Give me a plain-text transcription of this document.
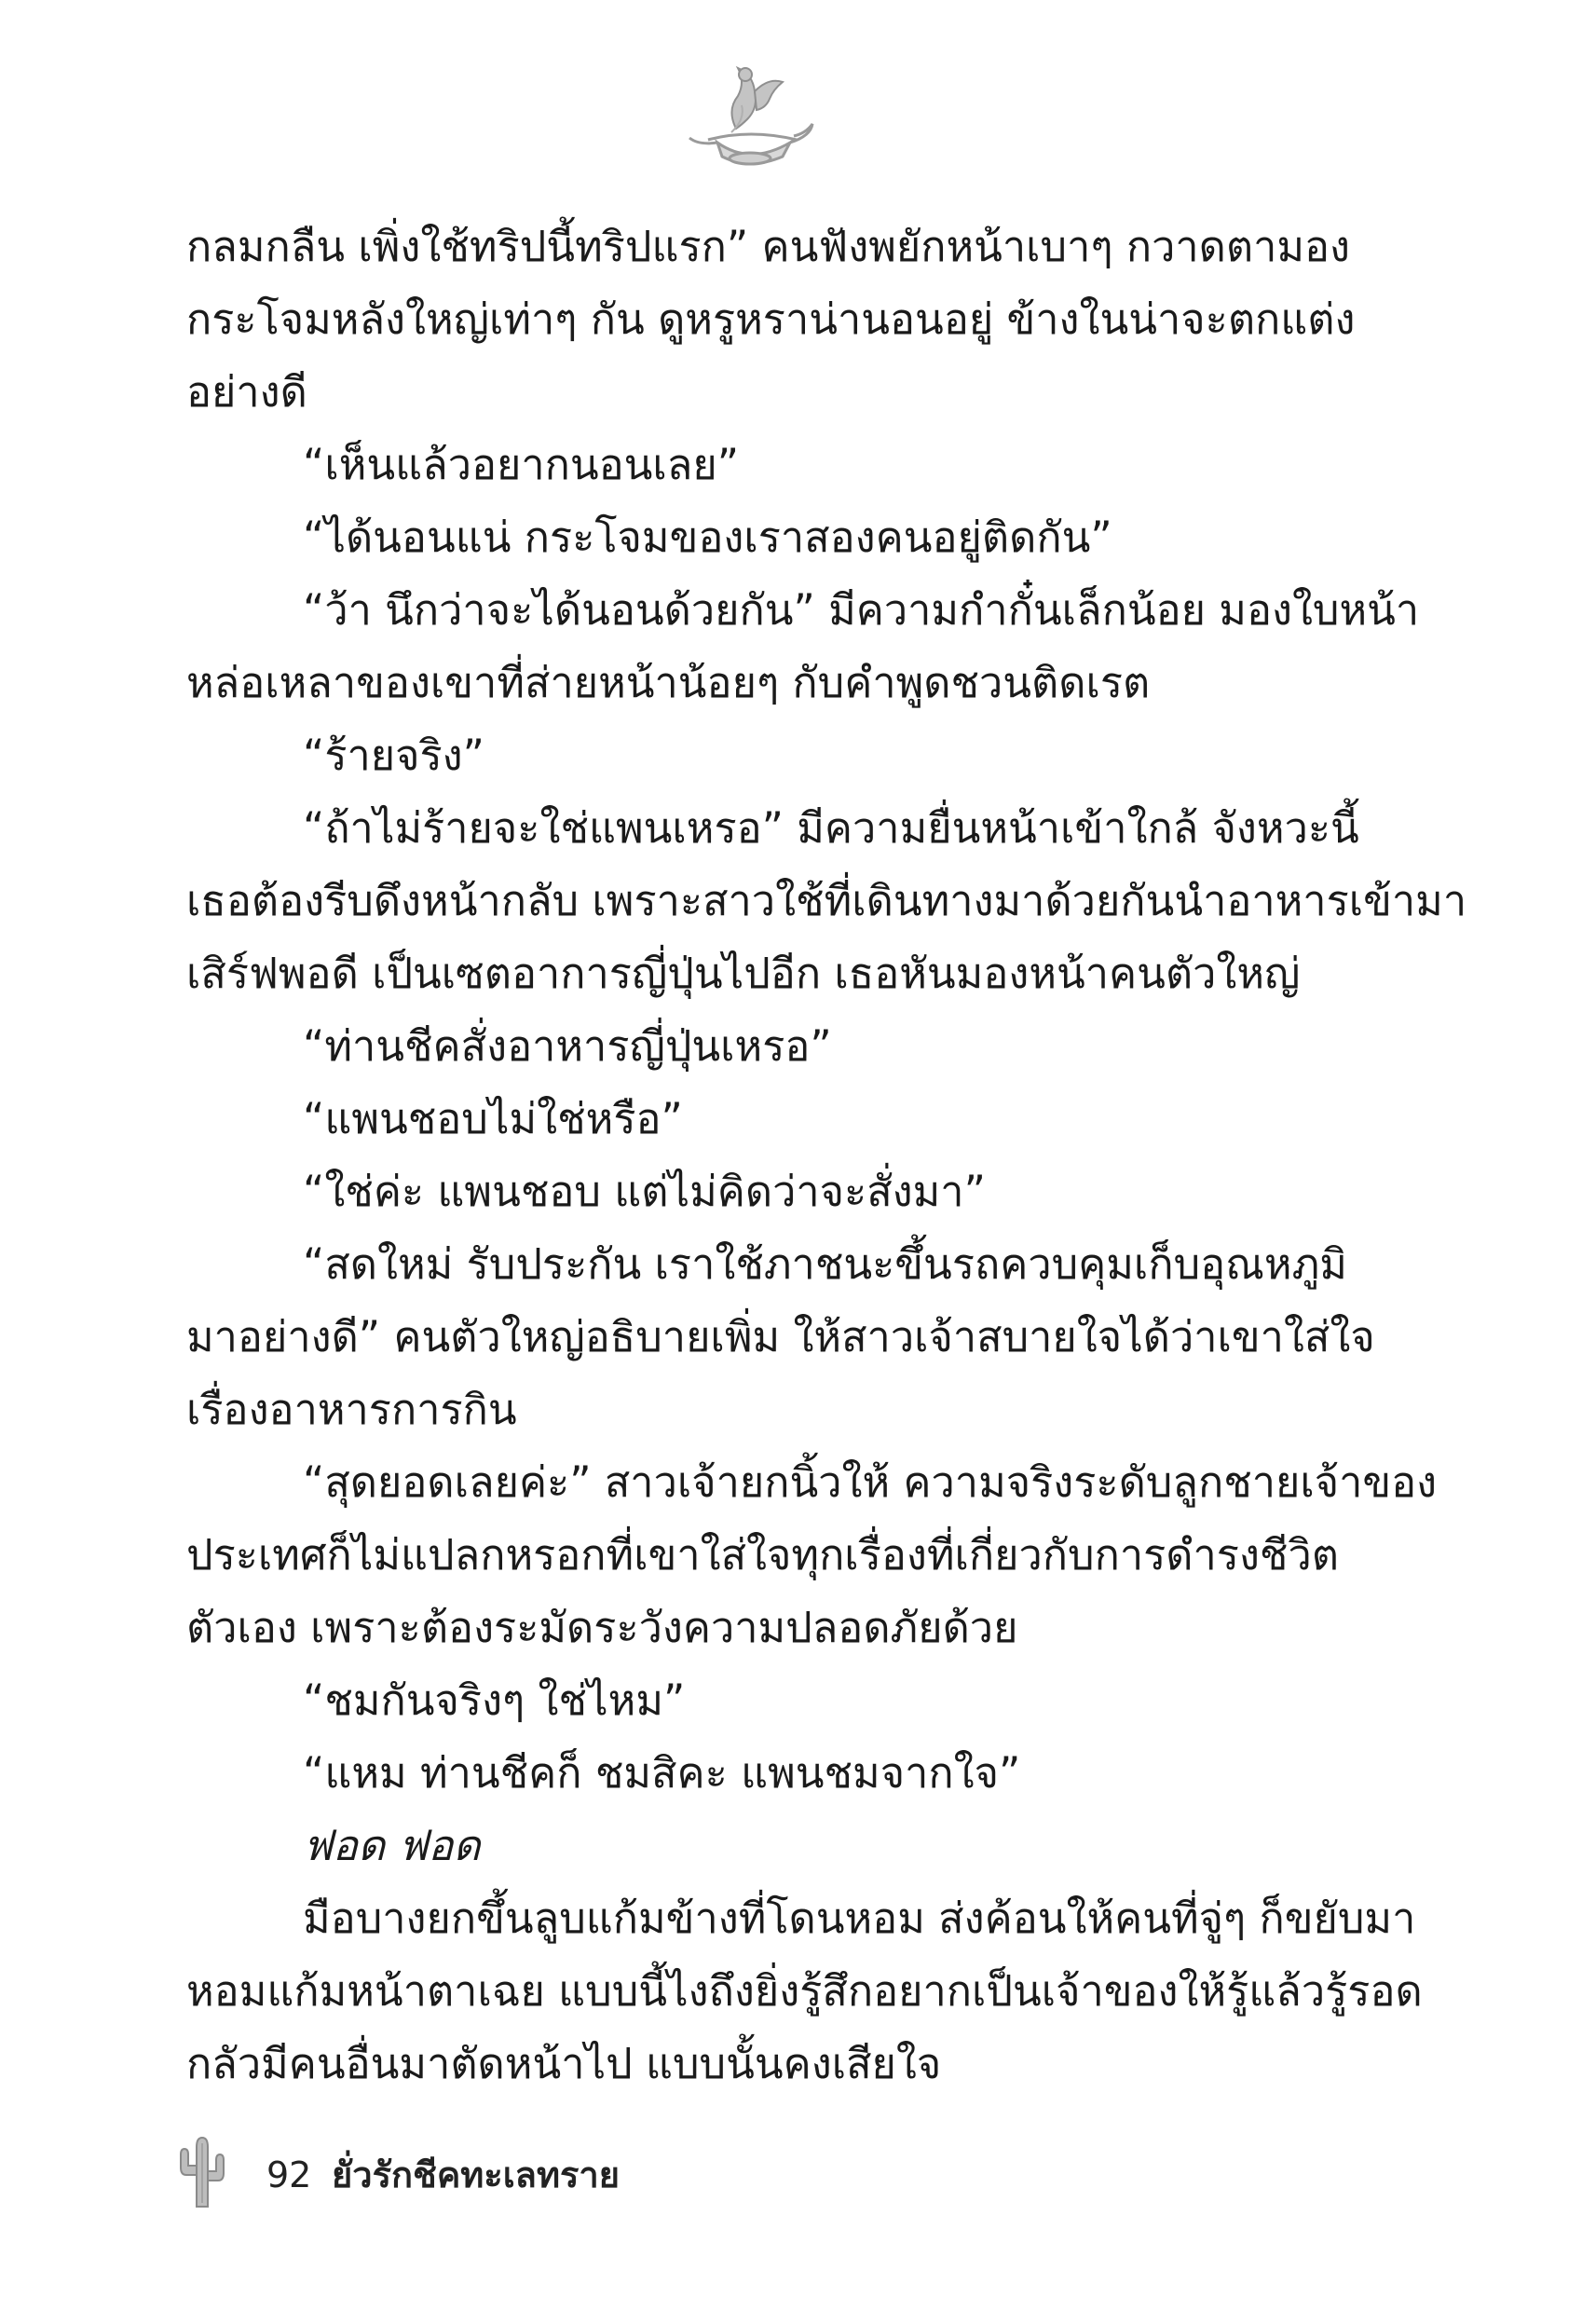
กลมกลืน เพิ่งใช้ทริปนี้ทริปแรก” คนฟังพยักหน้าเบาๆ กวาดตามอง
กระโจมหลังใหญ่เท่าๆ กัน ดูหรูหราน่านอนอยู่ ข้างในน่าจะตกแต่ง
อย่างดี
“เห็นแล้วอยากนอนเลย”
“ได้นอนแน่ กระโจมของเราสองคนอยู่ติดกัน”
“ว้า นึกว่าจะได้นอนด้วยกัน” มีความกำกั๋นเล็กน้อย มองใบหน้า
หล่อเหลาของเขาที่ส่ายหน้าน้อยๆ กับคำพูดชวนติดเรต
“ร้ายจริง”
“ถ้าไม่ร้ายจะใช่แพนเหรอ” มีความยื่นหน้าเข้าใกล้ จังหวะนี้
เธอต้องรีบดึงหน้ากลับ เพราะสาวใช้ที่เดินทางมาด้วยกันนำอาหารเข้ามา
เสิร์ฟพอดี เป็นเซตอาการญี่ปุ่นไปอีก เธอหันมองหน้าคนตัวใหญ่
“ท่านชีคสั่งอาหารญี่ปุ่นเหรอ”
“แพนชอบไม่ใช่หรือ”
“ใช่ค่ะ แพนชอบ แต่ไม่คิดว่าจะสั่งมา”
“สดใหม่ รับประกัน เราใช้ภาชนะขึ้นรถควบคุมเก็บอุณหภูมิ
มาอย่างดี” คนตัวใหญ่อธิบายเพิ่ม ให้สาวเจ้าสบายใจได้ว่าเขาใส่ใจ
เรื่องอาหารการกิน
“สุดยอดเลยค่ะ” สาวเจ้ายกนิ้วให้ ความจริงระดับลูกชายเจ้าของ
ประเทศก็ไม่แปลกหรอกที่เขาใส่ใจทุกเรื่องที่เกี่ยวกับการดำรงชีวิต
ตัวเอง เพราะต้องระมัดระวังความปลอดภัยด้วย
“ชมกันจริงๆ ใช่ไหม”
“แหม ท่านชีคก็ ชมสิคะ แพนชมจากใจ”
ฟอด ฟอด
มือบางยกขึ้นลูบแก้มข้างที่โดนหอม ส่งค้อนให้คนที่จู่ๆ ก็ขยับมา
หอมแก้มหน้าตาเฉย แบบนี้ไงถึงยิ่งรู้สึกอยากเป็นเจ้าของให้รู้แล้วรู้รอด
กลัวมีคนอื่นมาตัดหน้าไป แบบนั้นคงเสียใจ
92 ยั่วรักชีคทะเลทราย
